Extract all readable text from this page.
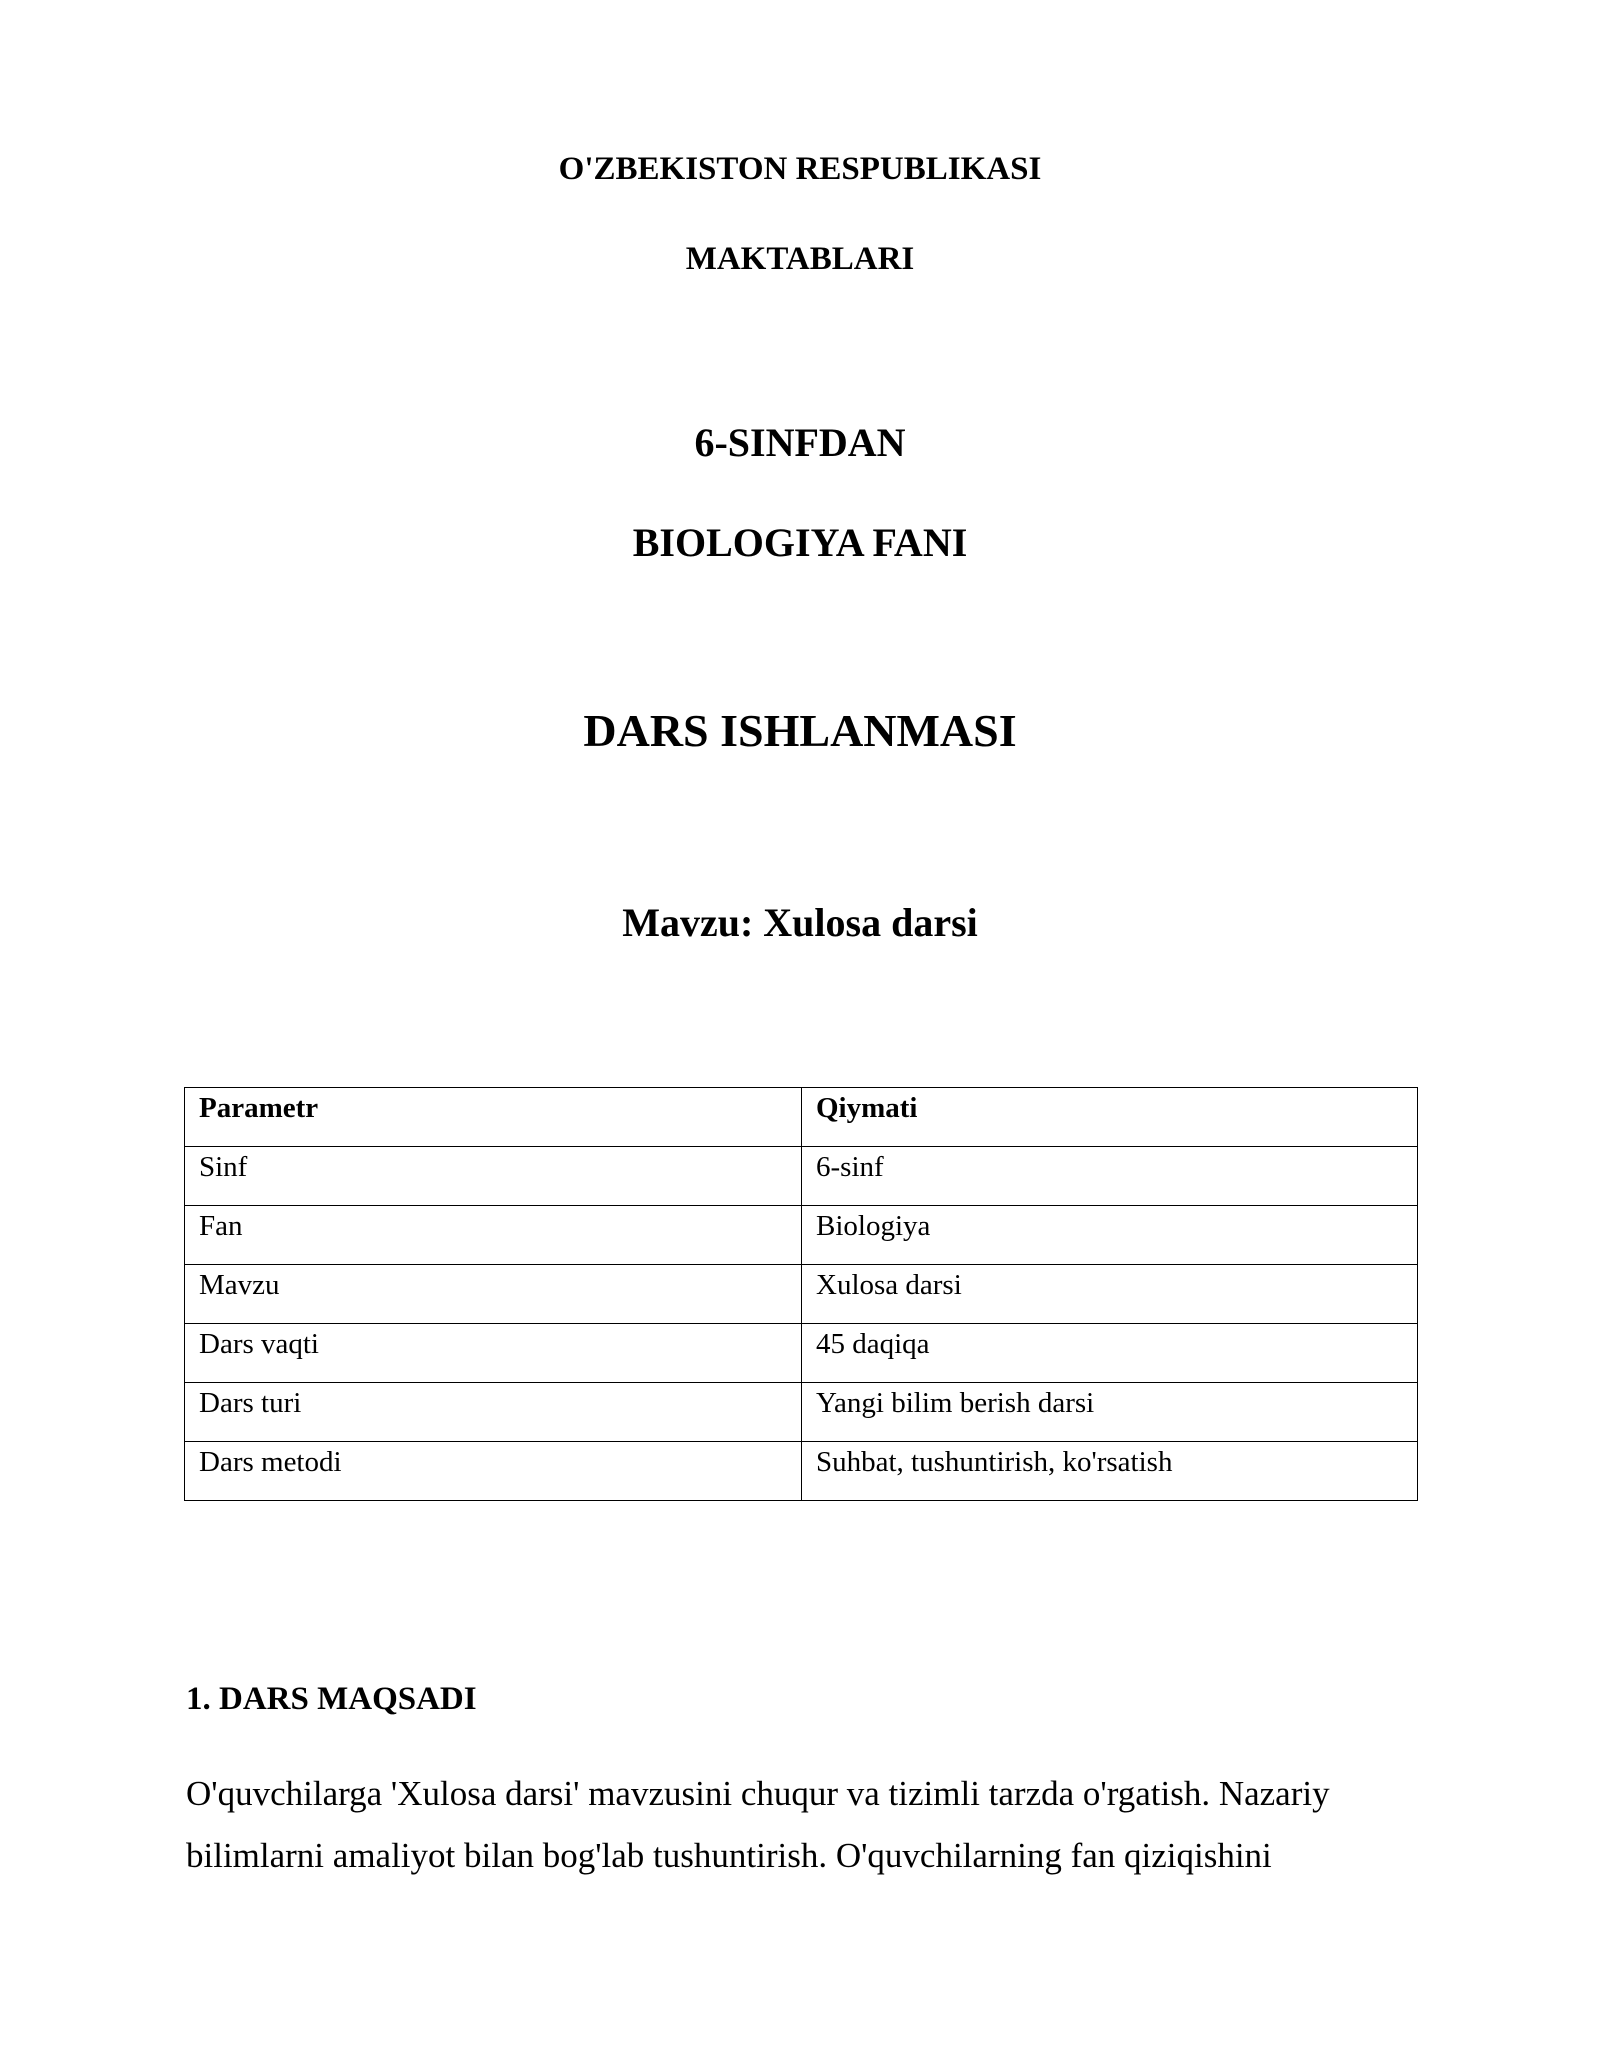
O'ZBEKISTON RESPUBLIKASI
MAKTABLARI
6-SINFDAN
BIOLOGIYA FANI
DARS ISHLANMASI
Mavzu: Xulosa darsi
Parametr	Qiymati
Sinf	6-sinf
Fan	Biologiya
Mavzu	Xulosa darsi
Dars vaqti	45 daqiqa
Dars turi	Yangi bilim berish darsi
Dars metodi	Suhbat, tushuntirish, ko'rsatish
1. DARS MAQSADI

O'quvchilarga 'Xulosa darsi' mavzusini chuqur va tizimli tarzda o'rgatish. Nazariy
bilimlarni amaliyot bilan bog'lab tushuntirish. O'quvchilarning fan qiziqishini
